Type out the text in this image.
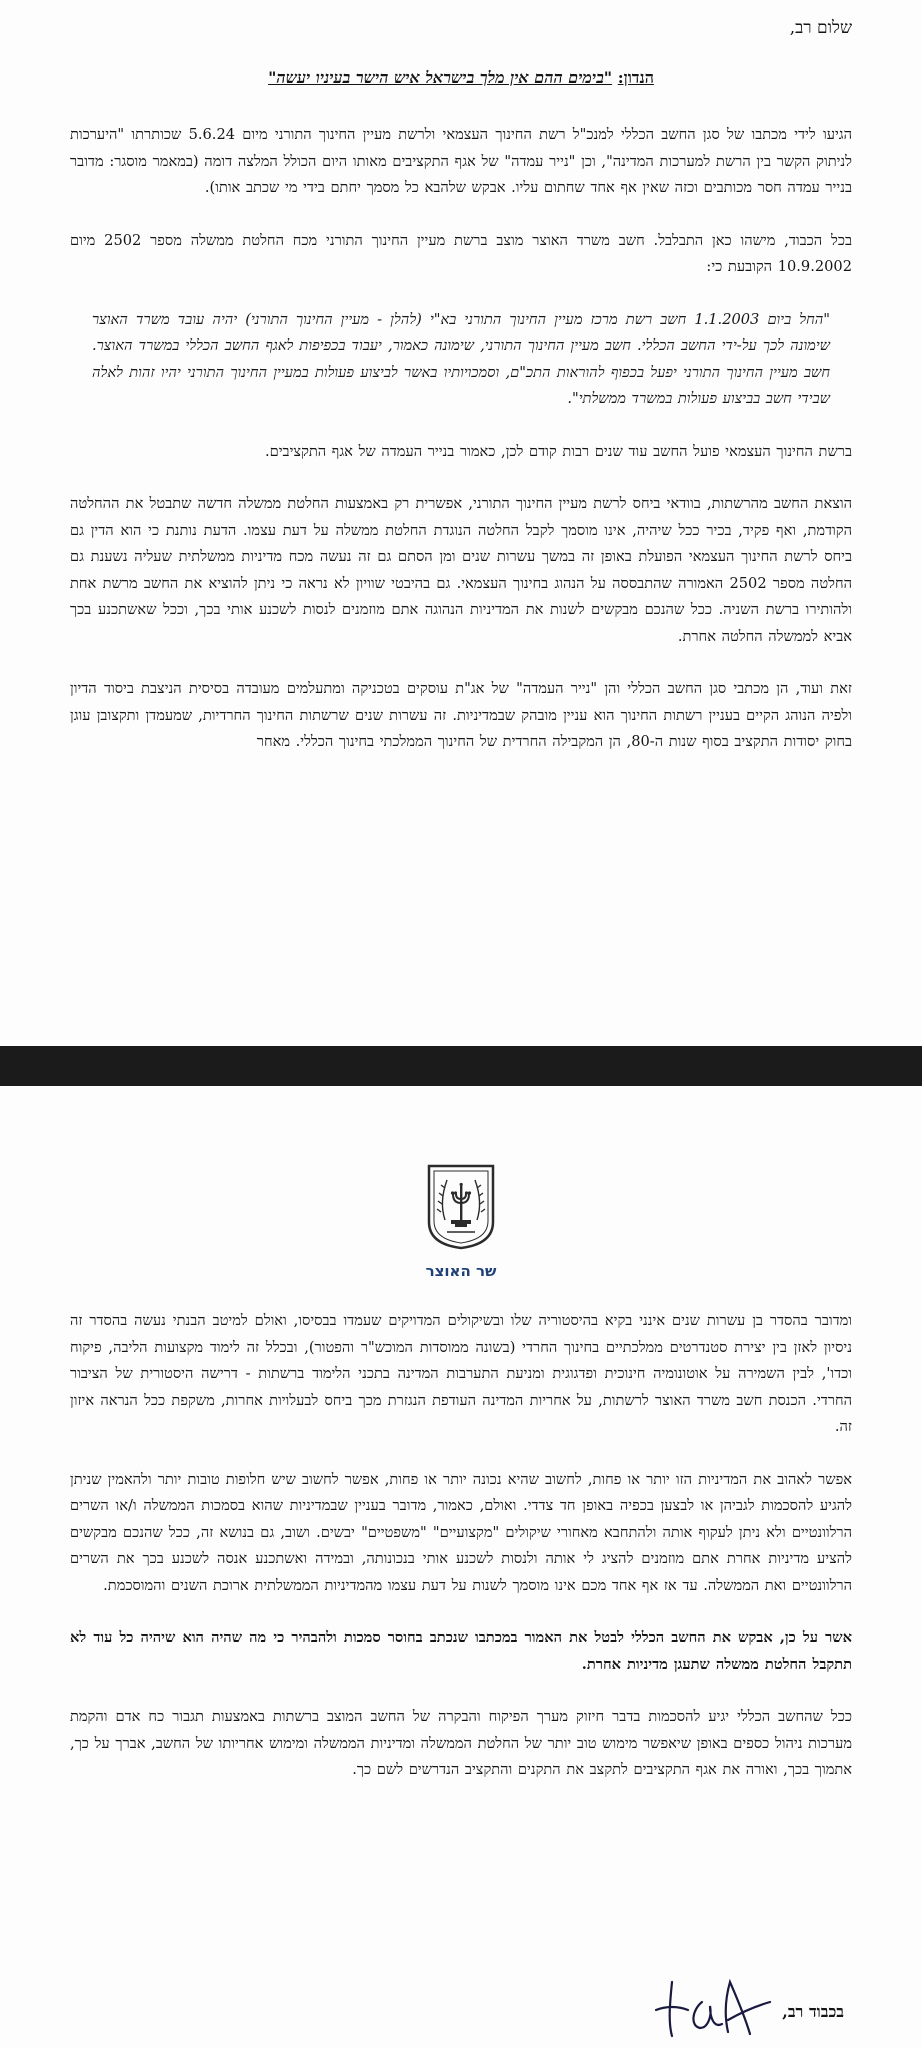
שלום רב,

הנדון: "בימים ההם אין מלך בישראל איש הישר בעיניו יעשה"

הגיעו לידי מכתבו של סגן החשב הכללי למנכ"ל רשת החינוך העצמאי ולרשת מעיין החינוך התורני מיום 5.6.24 שכותרתו "היערכות לניתוק הקשר בין הרשת למערכות המדינה", וכן "נייר עמדה" של אגף התקציבים מאותו היום הכולל המלצה דומה (במאמר מוסגר: מדובר בנייר עמדה חסר מכותבים וכזה שאין אף אחד שחתום עליו. אבקש שלהבא כל מסמך יחתם בידי מי שכתב אותו).

בכל הכבוד, מישהו כאן התבלבל. חשב משרד האוצר מוצב ברשת מעיין החינוך התורני מכח החלטת ממשלה מספר 2502 מיום 10.9.2002 הקובעת כי:

"החל ביום 1.1.2003 חשב רשת מרכז מעיין החינוך התורני בא"י (להלן - מעיין החינוך התורני) יהיה עובד משרד האוצר שימונה לכך על-ידי החשב הכללי. חשב מעיין החינוך התורני, שימונה כאמור, יעבוד בכפיפות לאגף החשב הכללי במשרד האוצר. חשב מעיין החינוך התורני יפעל בכפוף להוראות התכ"ם, וסמכויותיו באשר לביצוע פעולות במעיין החינוך התורני יהיו זהות לאלה שבידי חשב בביצוע פעולות במשרד ממשלתי".

ברשת החינוך העצמאי פועל החשב עוד שנים רבות קודם לכן, כאמור בנייר העמדה של אגף התקציבים.

הוצאת החשב מהרשתות, בוודאי ביחס לרשת מעיין החינוך התורני, אפשרית רק באמצעות החלטת ממשלה חדשה שתבטל את ההחלטה הקודמת, ואף פקיד, בכיר ככל שיהיה, אינו מוסמך לקבל החלטה הנוגדת החלטת ממשלה על דעת עצמו. הדעת נותנת כי הוא הדין גם ביחס לרשת החינוך העצמאי הפועלת באופן זה במשך עשרות שנים ומן הסתם גם זה נעשה מכח מדיניות ממשלתית שעליה נשענת גם החלטה מספר 2502 האמורה שהתבססה על הנהוג בחינוך העצמאי. גם בהיבטי שוויון לא נראה כי ניתן להוציא את החשב מרשת אחת ולהותירו ברשת השניה. ככל שהנכם מבקשים לשנות את המדיניות הנהוגה אתם מוזמנים לנסות לשכנע אותי בכך, וככל שאשתכנע בכך אביא לממשלה החלטה אחרת.

זאת ועוד, הן מכתבי סגן החשב הכללי והן "נייר העמדה" של אג"ת עוסקים בטכניקה ומתעלמים מעובדה בסיסית הניצבת ביסוד הדיון ולפיה הנוהג הקיים בעניין רשתות החינוך הוא עניין מובהק שבמדיניות. זה עשרות שנים שרשתות החינוך החרדיות, שמעמדן ותקצובן עוגן בחוק יסודות התקציב בסוף שנות ה-80, הן המקבילה החרדית של החינוך הממלכתי בחינוך הכללי. מאחר

שר האוצר

ומדובר בהסדר בן עשרות שנים אינני בקיא בהיסטוריה שלו ובשיקולים המדויקים שעמדו בבסיסו, ואולם למיטב הבנתי נעשה בהסדר זה ניסיון לאזן בין יצירת סטנדרטים ממלכתיים בחינוך החרדי (בשונה ממוסדות המוכש"ר והפטור), ובכלל זה לימוד מקצועות הליבה, פיקוח וכדו', לבין השמירה על אוטונומיה חינוכית ופדגוגית ומניעת התערבות המדינה בתכני הלימוד ברשתות - דרישה היסטורית של הציבור החרדי. הכנסת חשב משרד האוצר לרשתות, על אחריות המדינה העודפת הנגזרת מכך ביחס לבעלויות אחרות, משקפת ככל הנראה איזון זה.

אפשר לאהוב את המדיניות הזו יותר או פחות, לחשוב שהיא נכונה יותר או פחות, אפשר לחשוב שיש חלופות טובות יותר ולהאמין שניתן להגיע להסכמות לגביהן או לבצען בכפיה באופן חד צדדי. ואולם, כאמור, מדובר בעניין שבמדיניות שהוא בסמכות הממשלה ו/או השרים הרלוונטיים ולא ניתן לעקוף אותה ולהתחבא מאחורי שיקולים "מקצועיים" "משפטיים" יבשים. ושוב, גם בנושא זה, ככל שהנכם מבקשים להציע מדיניות אחרת אתם מוזמנים להציג לי אותה ולנסות לשכנע אותי בנכונותה, ובמידה ואשתכנע אנסה לשכנע בכך את השרים הרלוונטיים ואת הממשלה. עד אז אף אחד מכם אינו מוסמך לשנות על דעת עצמו מהמדיניות הממשלתית ארוכת השנים והמוסכמת.

אשר על כן, אבקש את החשב הכללי לבטל את האמור במכתבו שנכתב בחוסר סמכות ולהבהיר כי מה שהיה הוא שיהיה כל עוד לא תתקבל החלטת ממשלה שתעגן מדיניות אחרת.

ככל שהחשב הכללי יגיע להסכמות בדבר חיזוק מערך הפיקוח והבקרה של החשב המוצב ברשתות באמצעות תגבור כח אדם והקמת מערכות ניהול כספים באופן שיאפשר מימוש טוב יותר של החלטת הממשלה ומדיניות הממשלה ומימוש אחריותו של החשב, אברך על כך, אתמוך בכך, ואורה את אגף התקציבים לתקצב את התקנים והתקציב הנדרשים לשם כך.

בכבוד רב,
